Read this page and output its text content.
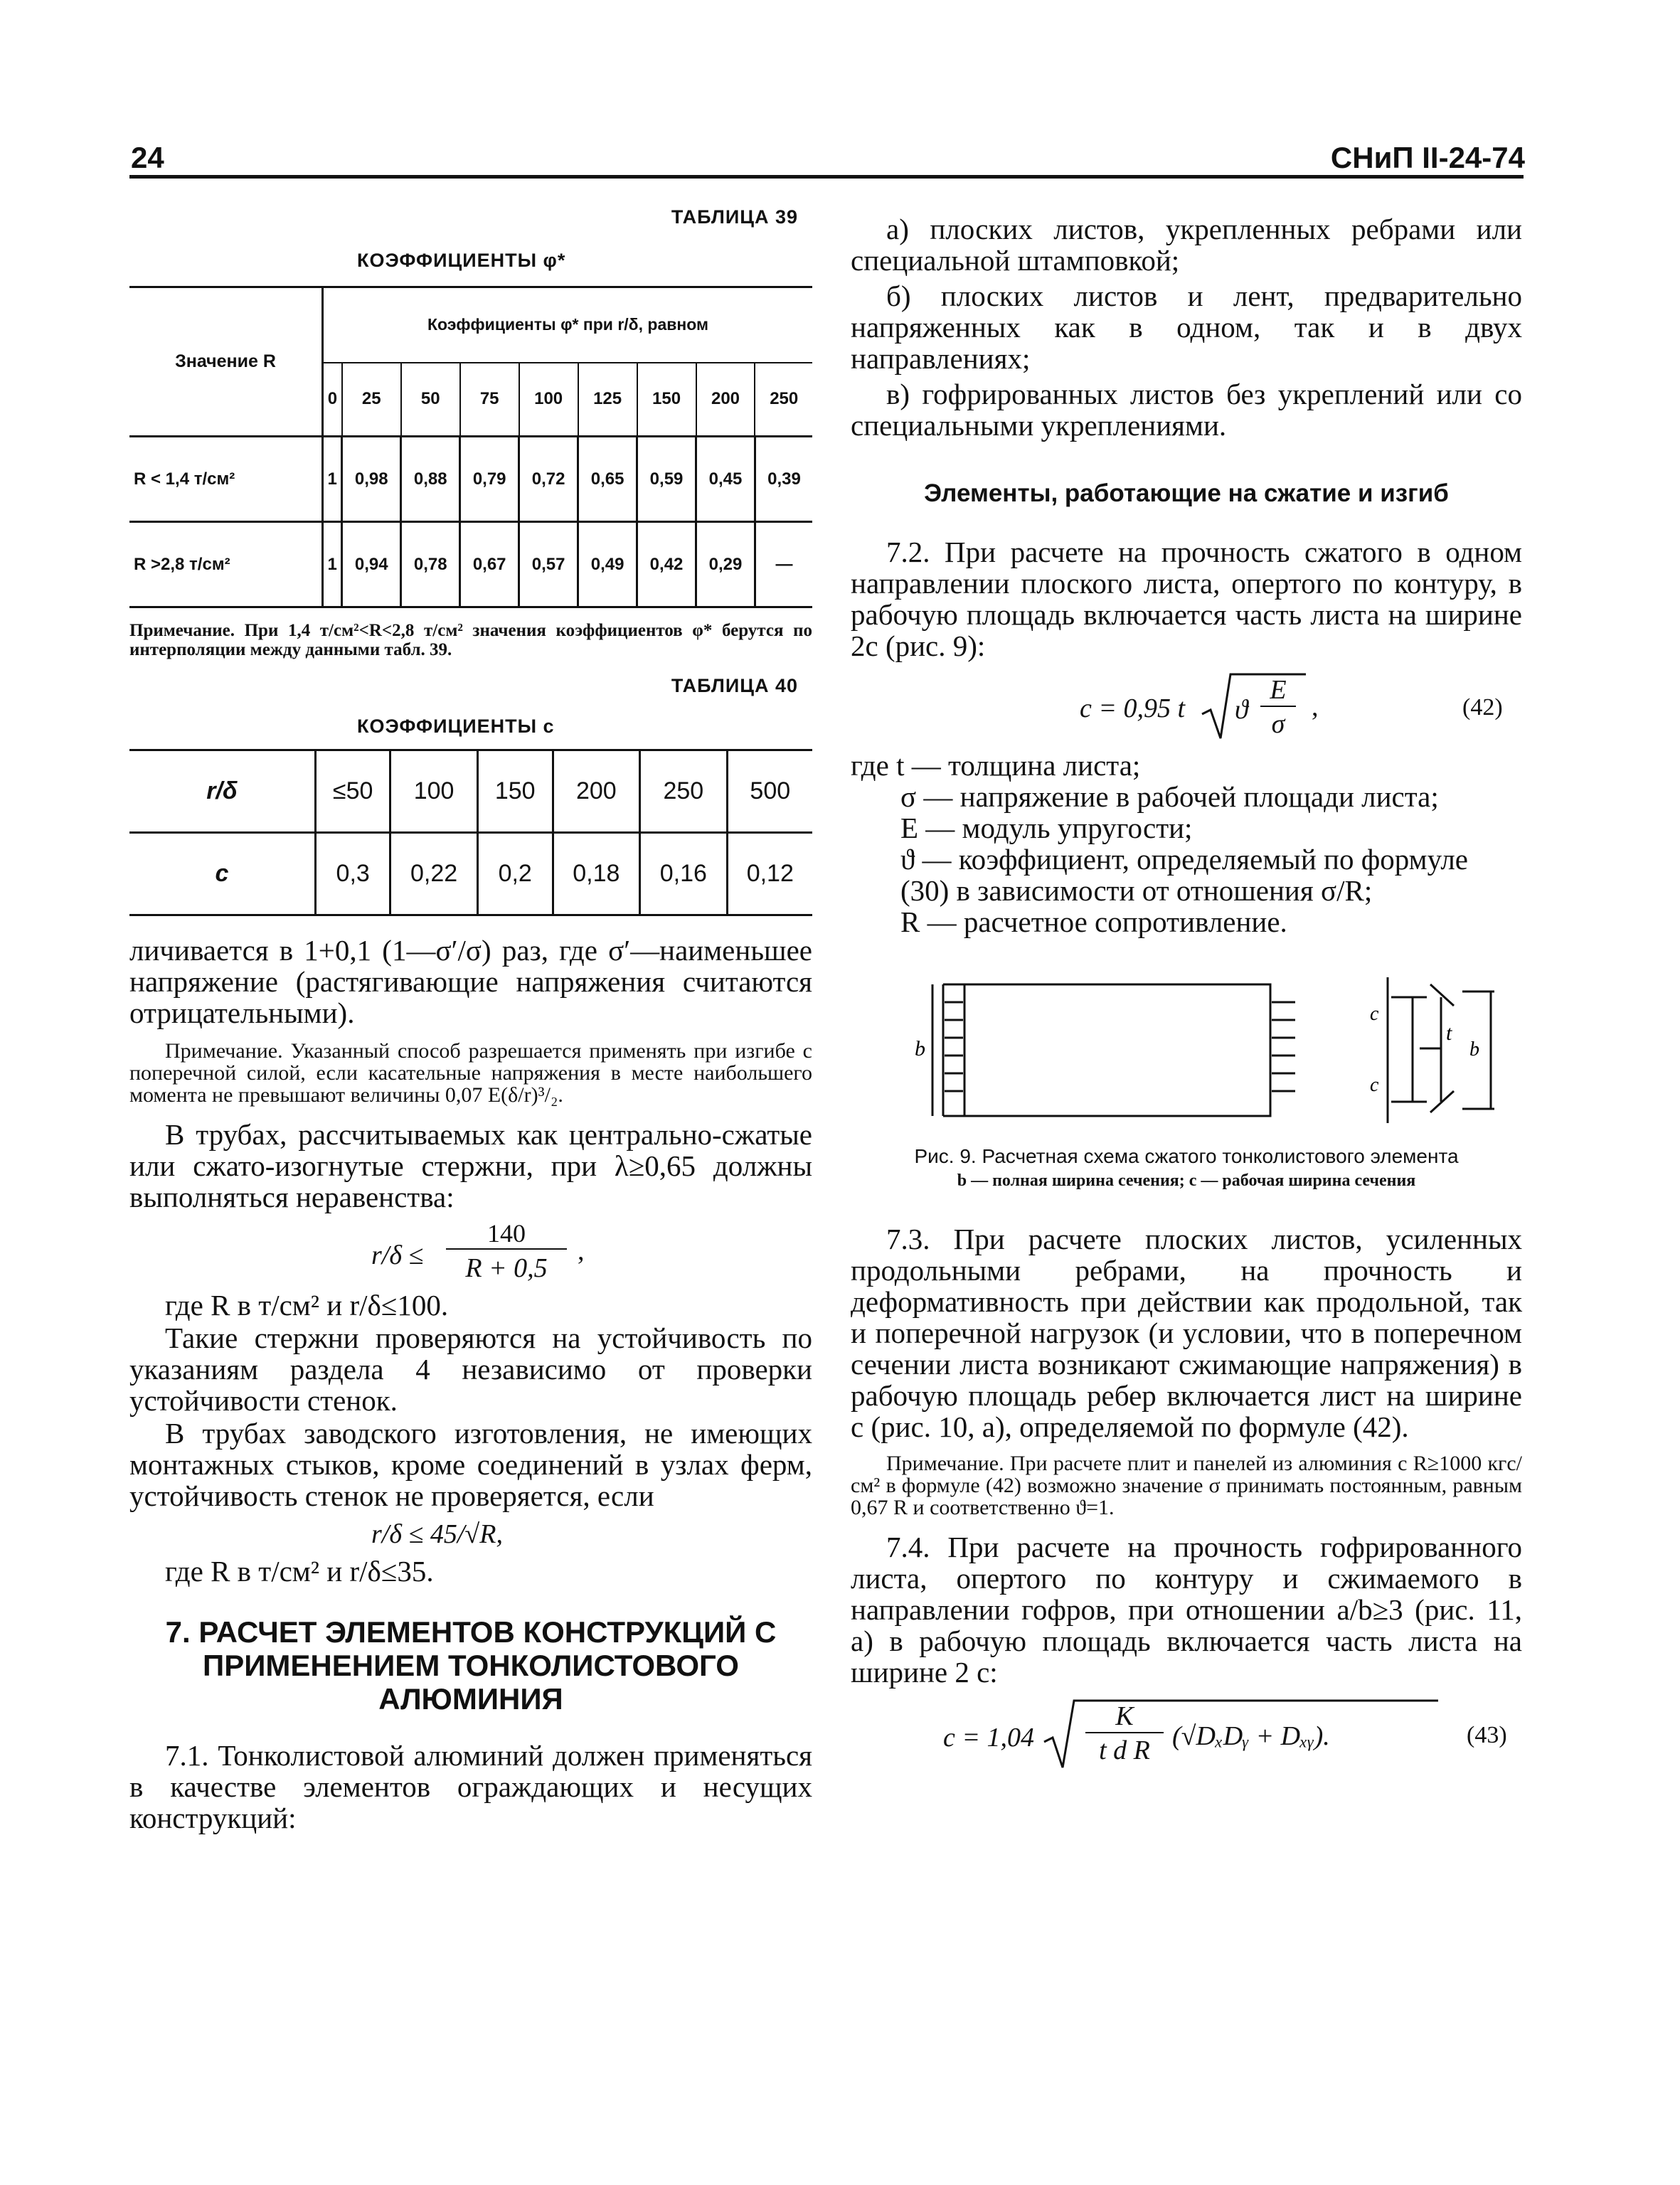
24	СНиП II-24-74
ТАБЛИЦА 39
КОЭФФИЦИЕНТЫ φ*
Значение R	Коэффициенты φ* при r/δ, равном								
	0	25	50	75	100	125	150	200	250
R < 1,4 т/см²	1	0,98	0,88	0,79	0,72	0,65	0,59	0,45	0,39
R >2,8 т/см²	1	0,94	0,78	0,67	0,57	0,49	0,42	0,29	—

Примечание. При 1,4 т/см²<R<2,8 т/см² значения коэффициентов φ* берутся по интерполяции между данными табл. 39.

ТАБЛИЦА 40
КОЭФФИЦИЕНТЫ c
r/δ	≤50	100	150	200	250	500
c	0,3	0,22	0,2	0,18	0,16	0,12

личивается в 1+0,1 (1—σ′/σ) раз, где σ′—наименьшее напряжение (растягивающие напряжения считаются отрицательными).

Примечание. Указанный способ разрешается применять при изгибе с поперечной силой, если касательные напряжения в месте наибольшего момента не превышают величины 0,07 E(δ/r)³/₂.

В трубах, рассчитываемых как центрально-сжатые или сжато-изогнутые стержни, при λ≥0,65 должны выполняться неравенства:

r/δ ≤
140
R + 0,5
,

где R в т/см² и r/δ≤100.

Такие стержни проверяются на устойчивость по указаниям раздела 4 независимо от проверки устойчивости стенок.

В трубах заводского изготовления, не имеющих монтажных стыков, кроме соединений в узлах ферм, устойчивость стенок не проверяется, если

r/δ ≤ 45/√R,

где R в т/см² и r/δ≤35.

7. РАСЧЕТ ЭЛЕМЕНТОВ КОНСТРУКЦИЙ С ПРИМЕНЕНИЕМ ТОНКОЛИСТОВОГО АЛЮМИНИЯ

7.1. Тонколистовой алюминий должен применяться в качестве элементов ограждающих и несущих конструкций:

а) плоских листов, укрепленных ребрами или специальной штамповкой;

б) плоских листов и лент, предварительно напряженных как в одном, так и в двух направлениях;

в) гофрированных листов без укреплений или со специальными укреплениями.

Элементы, работающие на сжатие и изгиб

7.2. При расчете на прочность сжатого в одном направлении плоского листа, опертого по контуру, в рабочую площадь включается часть листа на ширине 2c (рис. 9):

c = 0,95 t ϑ
E
σ
,	(42)
где t — толщина листа;
σ — напряжение в рабочей площади листа;
E — модуль упругости;
ϑ — коэффициент, определяемый по формуле (30) в зависимости от отношения σ/R;
R — расчетное сопротивление.
b
c
c
t
b

Рис. 9. Расчетная схема сжатого тонколистового элемента

b — полная ширина сечения; c — рабочая ширина сечения

7.3. При расчете плоских листов, усиленных продольными ребрами, на прочность и деформативность при действии как продольной, так и поперечной нагрузок (и условии, что в поперечном сечении листа возникают сжимающие напряжения) в рабочую площадь ребер включается лист на ширине c (рис. 10, a), определяемой по формуле (42).

Примечание. При расчете плит и панелей из алюминия с R≥1000 кгс/см² в формуле (42) возможно значение σ принимать постоянным, равным 0,67 R и соответственно ϑ=1.

7.4. При расчете на прочность гофрированного листа, опертого по контуру и сжимаемого в направлении гофров, при отношении a/b≥3 (рис. 11, a) в рабочую площадь включается часть листа на ширине 2 c:

c = 1,04
K
t d R (√DₓDᵧ + Dₓᵧ).	(43)
